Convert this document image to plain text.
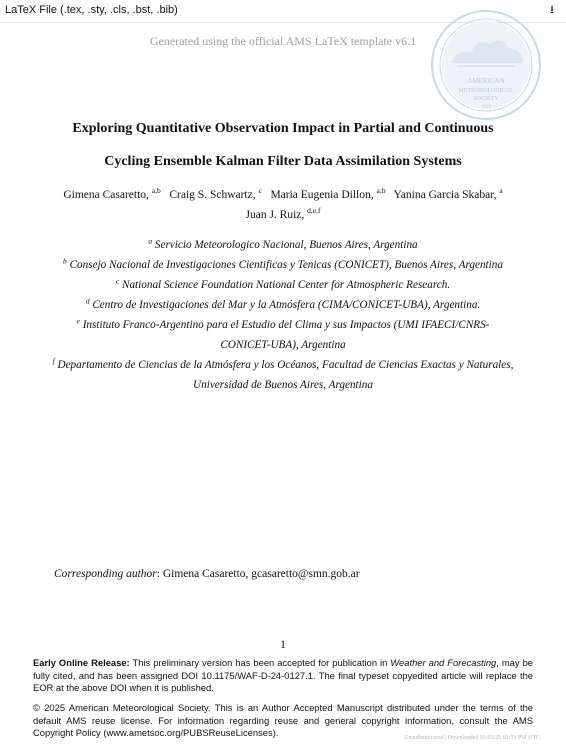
LaTeX File (.tex, .sty, .cls, .bst, .bib)	⭳
Generated using the official AMS LaTeX template v6.1
AMERICAN
METEOROLOGICAL
SOCIETY
1919
Exploring Quantitative Observation Impact in Partial and Continuous
Cycling Ensemble Kalman Filter Data Assimilation Systems
Gimena Casaretto, $^{a,b}$ Craig S. Schwartz, $^c$ Maria Eugenia Dillon, $^{a,b}$ Yanina Garcia Skabar, $^a$
Juan J. Ruiz, $^{d,e,f}$
$^a$ Servicio Meteorologico Nacional, Buenos Aires, Argentina
$^b$ Consejo Nacional de Investigaciones Cientificas y Tenicas (CONICET), Buenos Aires, Argentina
$^c$ National Science Foundation National Center for Atmospheric Research.
$^d$ Centro de Investigaciones del Mar y la Atmósfera (CIMA/CONICET-UBA), Argentina.
$^e$ Instituto Franco-Argentino para el Estudio del Clima y sus Impactos (UMI IFAECI/CNRS-CONICET-UBA), Argentina
$^f$ Departamento de Ciencias de la Atmósfera y los Océanos, Facultad de Ciencias Exactas y Naturales, Universidad de Buenos Aires, Argentina
Corresponding author: Gimena Casaretto, gcasaretto@smn.gob.ar
1
Early Online Release: This preliminary version has been accepted for publication in Weather and Forecasting, may be fully cited, and has been assigned DOI 10.1175/WAF-D-24-0127.1. The final typeset copyedited article will replace the EOR at the above DOI when it is published.
© 2025 American Meteorological Society. This is an Author Accepted Manuscript distributed under the terms of the default AMS reuse license. For information regarding reuse and general copyright information, consult the AMS Copyright Policy (www.ametsoc.org/PUBSReuseLicenses).	Unauthenticated | Downloaded 05/02/25 01:53 PM UTC
